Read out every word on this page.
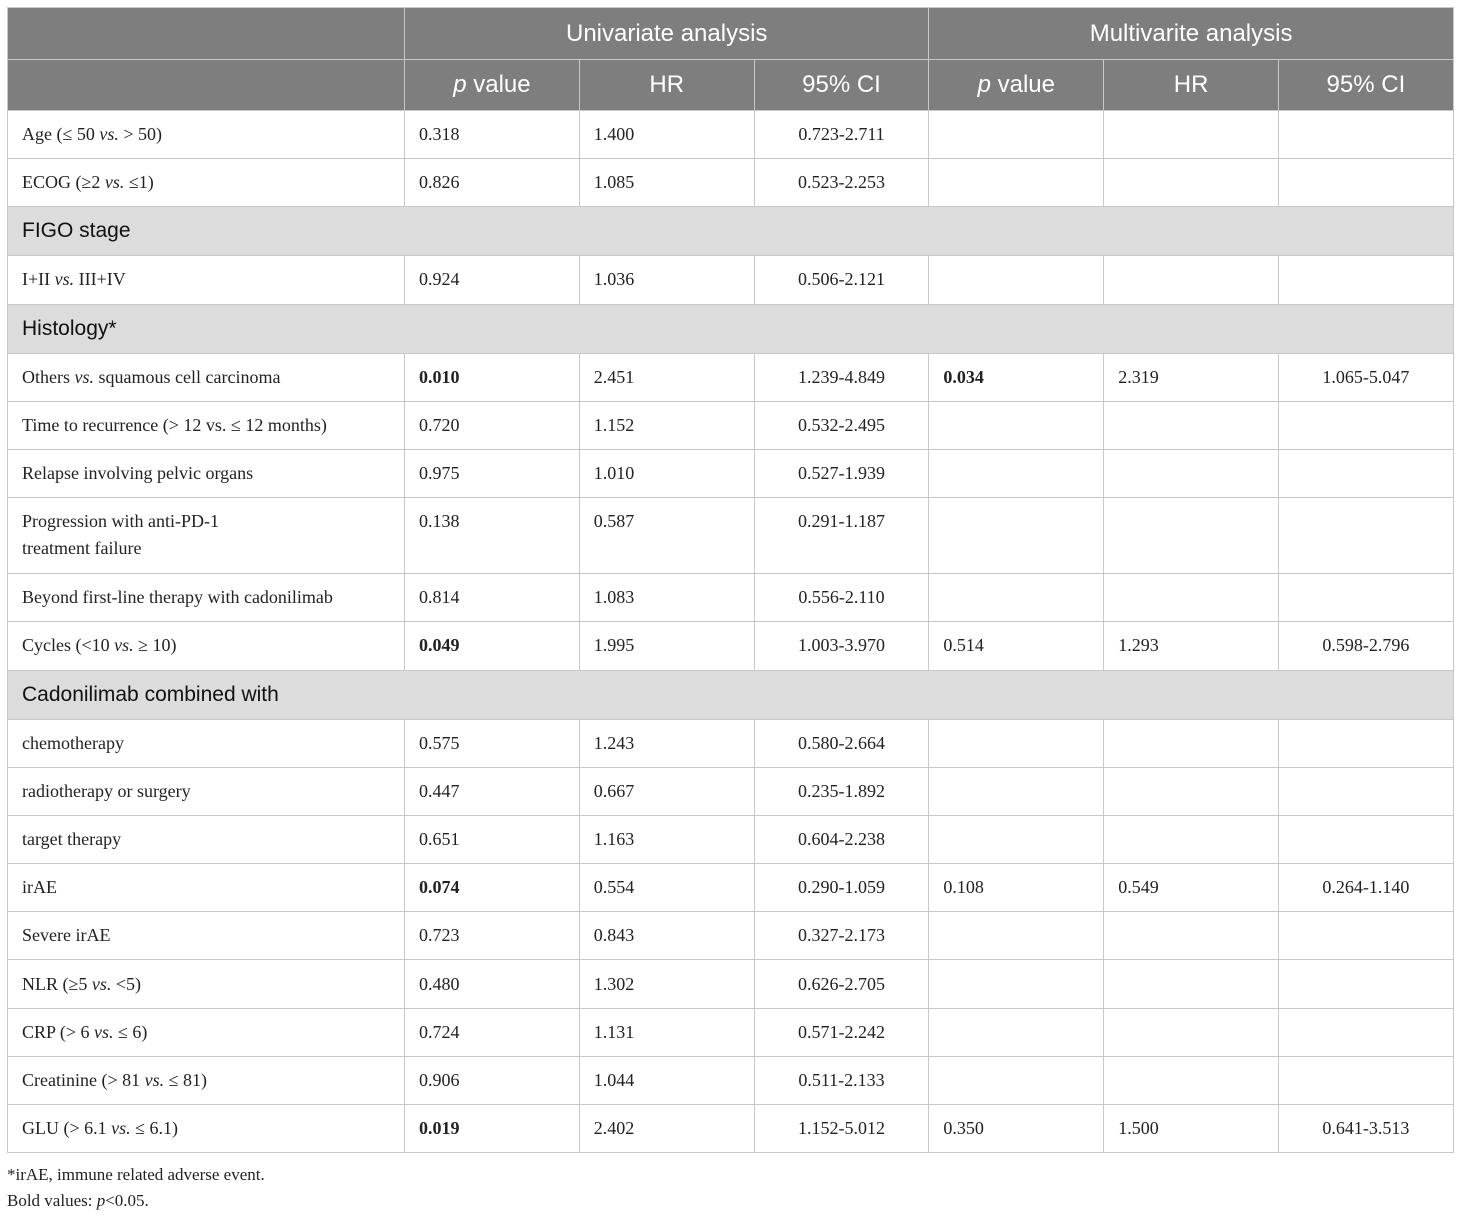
	Univariate analysis			Multivarite analysis		
	p value	HR	95% CI	p value	HR	95% CI
Age (≤ 50 vs. > 50)	0.318	1.400	0.723-2.711			
ECOG (≥2 vs. ≤1)	0.826	1.085	0.523-2.253			
FIGO stage						
I+II vs. III+IV	0.924	1.036	0.506-2.121			
Histology*						
Others vs. squamous cell carcinoma	0.010	2.451	1.239-4.849	0.034	2.319	1.065-5.047
Time to recurrence (> 12 vs. ≤ 12 months)	0.720	1.152	0.532-2.495			
Relapse involving pelvic organs	0.975	1.010	0.527-1.939			
Progression with anti-PD-1
treatment failure	0.138	0.587	0.291-1.187			
Beyond first-line therapy with cadonilimab	0.814	1.083	0.556-2.110			
Cycles (<10 vs. ≥ 10)	0.049	1.995	1.003-3.970	0.514	1.293	0.598-2.796
Cadonilimab combined with						
chemotherapy	0.575	1.243	0.580-2.664			
radiotherapy or surgery	0.447	0.667	0.235-1.892			
target therapy	0.651	1.163	0.604-2.238			
irAE	0.074	0.554	0.290-1.059	0.108	0.549	0.264-1.140
Severe irAE	0.723	0.843	0.327-2.173			
NLR (≥5 vs. <5)	0.480	1.302	0.626-2.705			
CRP (> 6 vs. ≤ 6)	0.724	1.131	0.571-2.242			
Creatinine (> 81 vs. ≤ 81)	0.906	1.044	0.511-2.133			
GLU (> 6.1 vs. ≤ 6.1)	0.019	2.402	1.152-5.012	0.350	1.500	0.641-3.513
*irAE, immune related adverse event.
Bold values: p<0.05.
